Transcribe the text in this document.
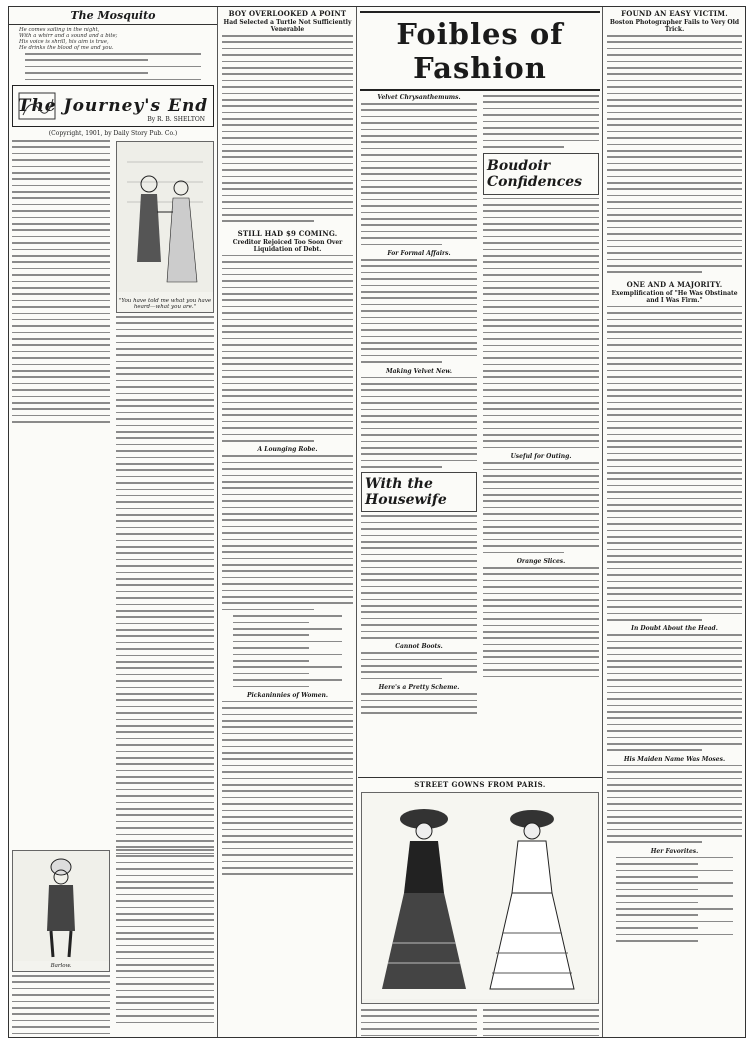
The Mosquito
He comes sailing in the night,
With a whirr and a sound and a bite;
His voice is shrill, his aim is true,
He drinks the blood of me and you.
The Journey's End
By R. B. SHELTON
(Copyright, 1901, by Daily Story Pub. Co.)
"You have told me what you have heard—what you are."
Barlow.
BOY OVERLOOKED A POINT
Had Selected a Turtle Not Sufficiently Venerable
STILL HAD $9 COMING.
Creditor Rejoiced Too Soon Over Liquidation of Debt.
A Lounging Robe.
Pickaninnies of Women.
Foibles of Fashion
Velvet Chrysanthemums.
For Formal Affairs.
Making Velvet New.
With the Housewife
Cannot Boots.
Here's a Pretty Scheme.
Boudoir Confidences
Useful for Outing.
Orange Slices.
STREET GOWNS FROM PARIS.
FOUND AN EASY VICTIM.
Boston Photographer Fails to Very Old Trick.
ONE AND A MAJORITY.
Exemplification of "He Was Obstinate and I Was Firm."
In Doubt About the Head.
His Maiden Name Was Moses.
Her Favorites.
